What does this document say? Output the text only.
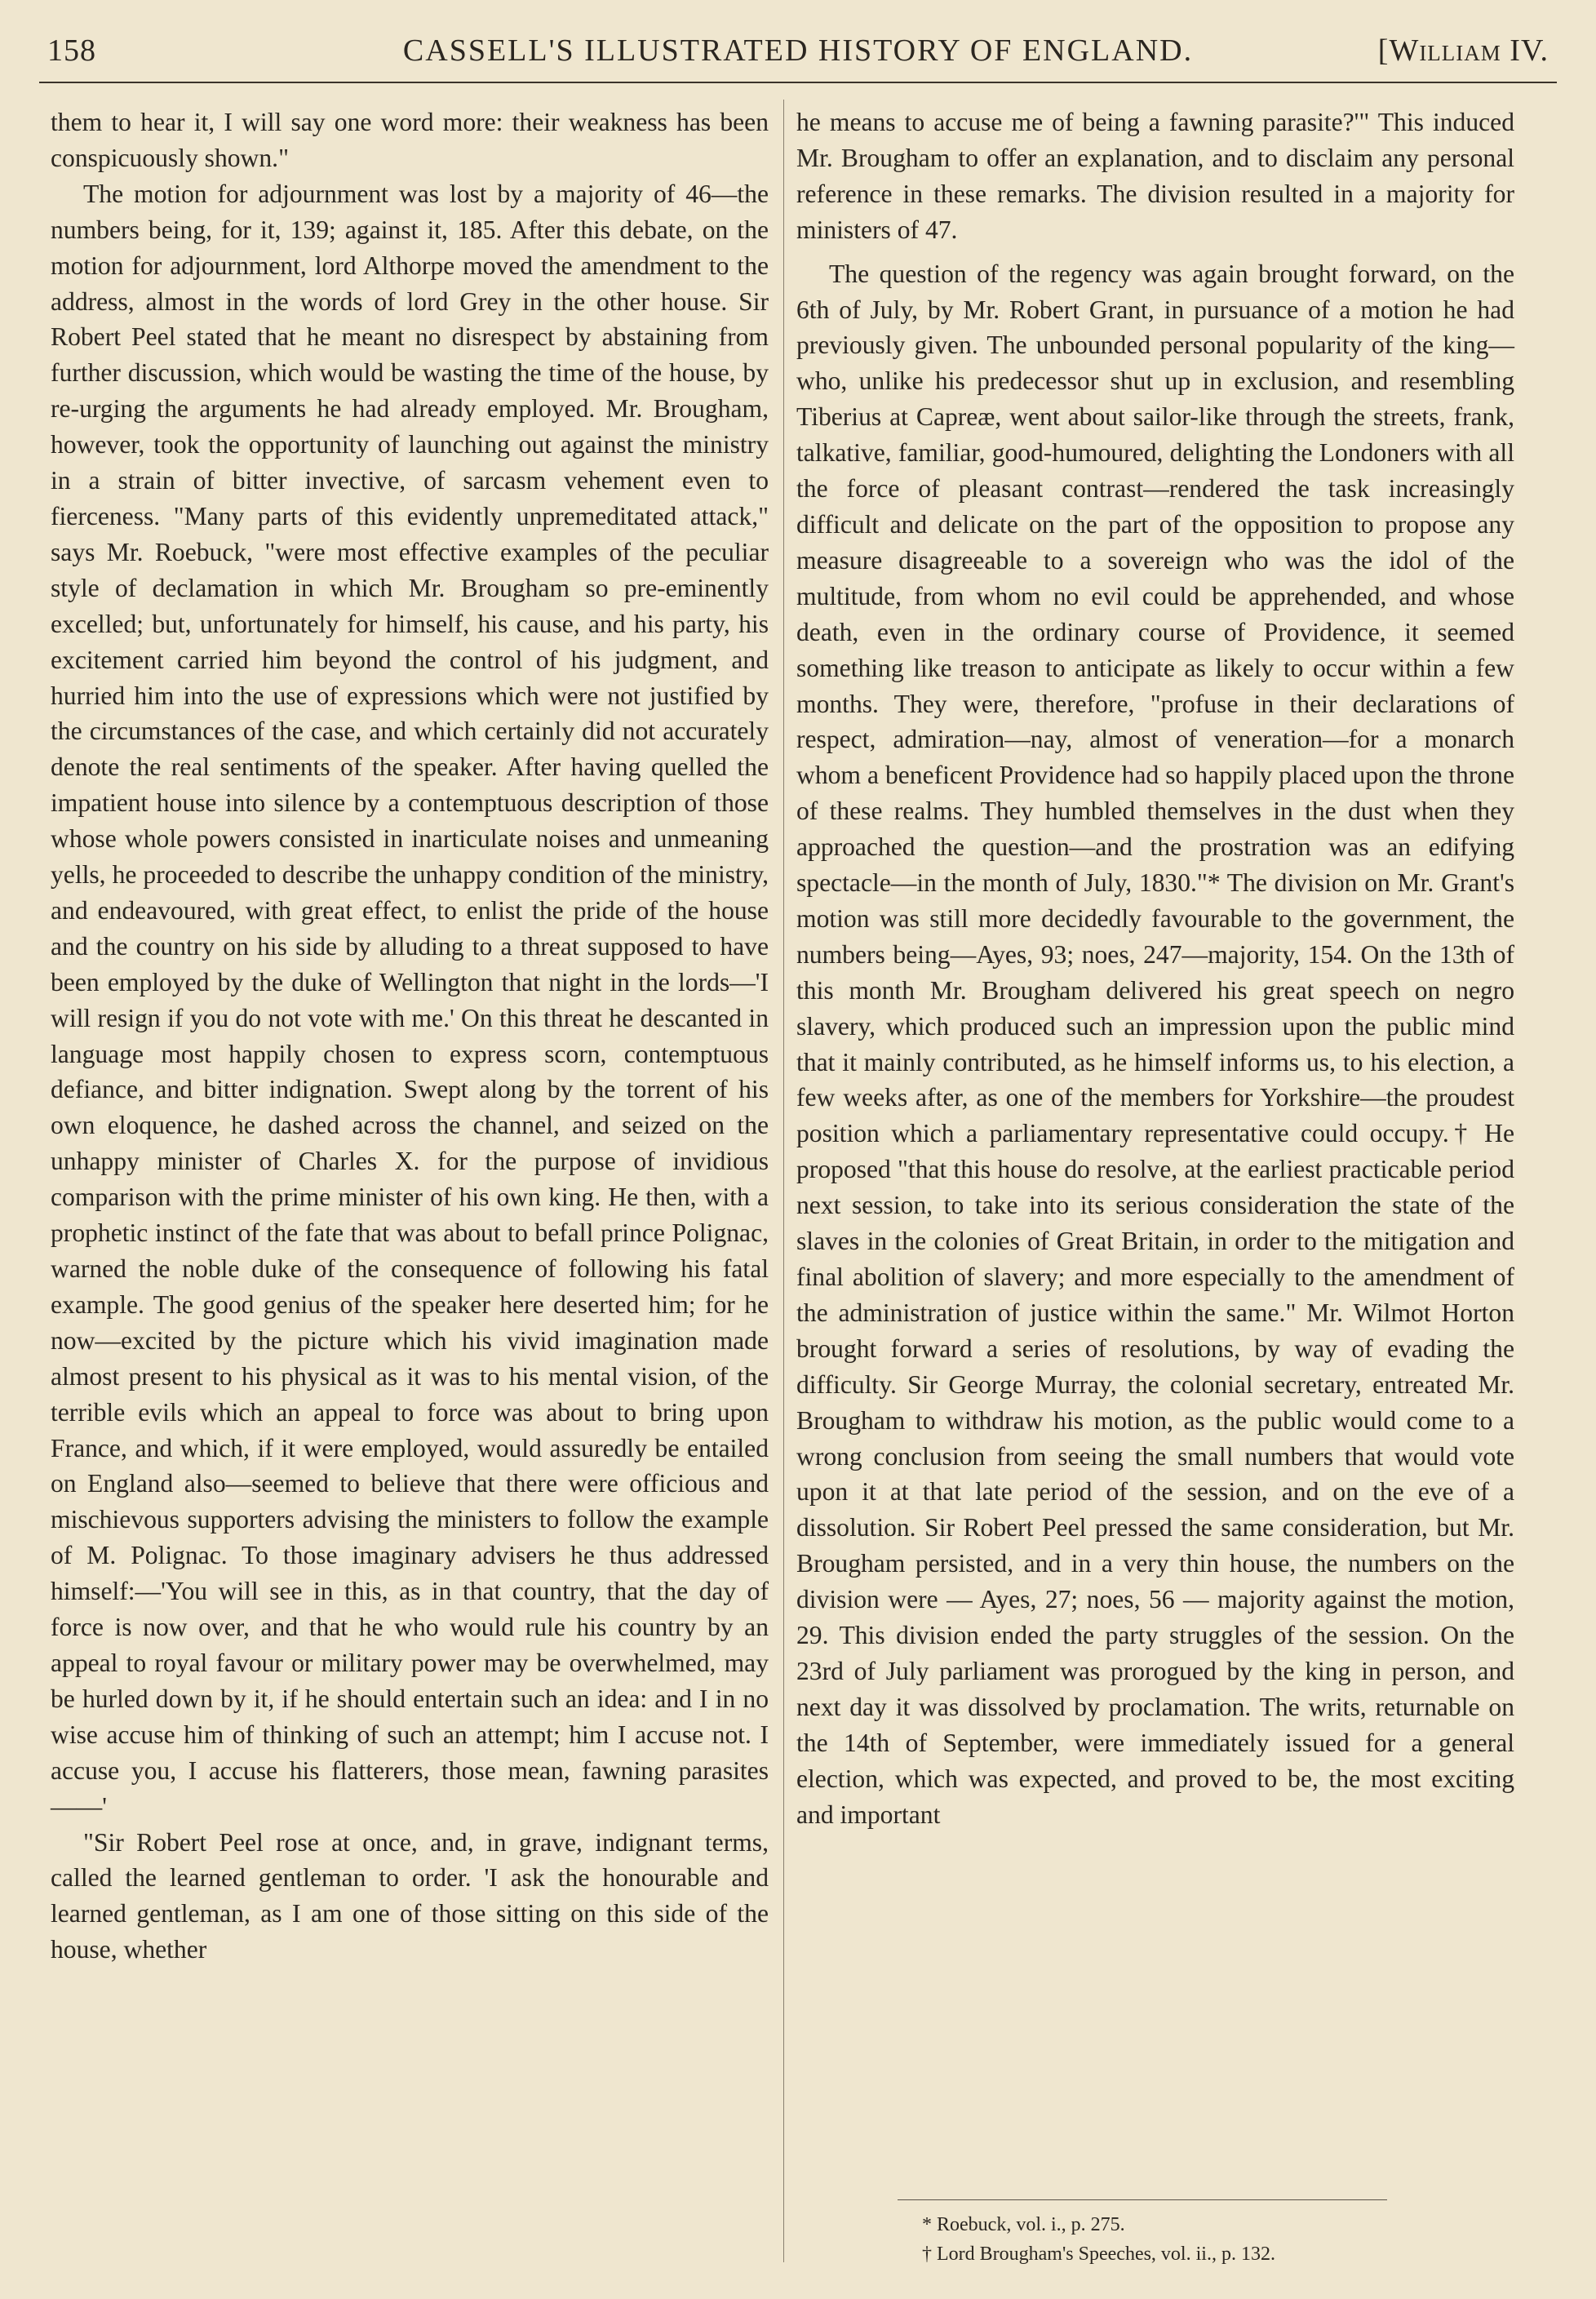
158	CASSELL'S ILLUSTRATED HISTORY OF ENGLAND.	[William IV.

them to hear it, I will say one word more: their weakness has been conspicuously shown."

The motion for adjournment was lost by a majority of 46—the numbers being, for it, 139; against it, 185. After this debate, on the motion for adjournment, lord Althorpe moved the amendment to the address, almost in the words of lord Grey in the other house. Sir Robert Peel stated that he meant no disrespect by abstaining from further discussion, which would be wasting the time of the house, by re-urging the arguments he had already employed. Mr. Brougham, however, took the opportunity of launching out against the ministry in a strain of bitter invective, of sarcasm vehement even to fierceness. "Many parts of this evidently unpremeditated attack," says Mr. Roebuck, "were most effective examples of the peculiar style of declamation in which Mr. Brougham so pre-eminently excelled; but, unfortunately for himself, his cause, and his party, his excitement carried him beyond the control of his judgment, and hurried him into the use of expressions which were not justified by the circumstances of the case, and which certainly did not accurately denote the real sentiments of the speaker. After having quelled the impatient house into silence by a contemptuous description of those whose whole powers consisted in inarticulate noises and unmeaning yells, he proceeded to describe the unhappy condition of the ministry, and endeavoured, with great effect, to enlist the pride of the house and the country on his side by alluding to a threat supposed to have been employed by the duke of Wellington that night in the lords—'I will resign if you do not vote with me.' On this threat he descanted in language most happily chosen to express scorn, contemptuous defiance, and bitter indignation. Swept along by the torrent of his own eloquence, he dashed across the channel, and seized on the unhappy minister of Charles X. for the purpose of invidious comparison with the prime minister of his own king. He then, with a prophetic instinct of the fate that was about to befall prince Polignac, warned the noble duke of the consequence of following his fatal example. The good genius of the speaker here deserted him; for he now—excited by the picture which his vivid imagination made almost present to his physical as it was to his mental vision, of the terrible evils which an appeal to force was about to bring upon France, and which, if it were employed, would assuredly be entailed on England also—seemed to believe that there were officious and mischievous supporters advising the ministers to follow the example of M. Polignac. To those imaginary advisers he thus addressed himself:—'You will see in this, as in that country, that the day of force is now over, and that he who would rule his country by an appeal to royal favour or military power may be overwhelmed, may be hurled down by it, if he should entertain such an idea: and I in no wise accuse him of thinking of such an attempt; him I accuse not. I accuse you, I accuse his flatterers, those mean, fawning parasites——'

"Sir Robert Peel rose at once, and, in grave, indignant terms, called the learned gentleman to order. 'I ask the honourable and learned gentleman, as I am one of those sitting on this side of the house, whether

he means to accuse me of being a fawning parasite?'" This induced Mr. Brougham to offer an explanation, and to disclaim any personal reference in these remarks. The division resulted in a majority for ministers of 47.

The question of the regency was again brought forward, on the 6th of July, by Mr. Robert Grant, in pursuance of a motion he had previously given. The unbounded personal popularity of the king—who, unlike his predecessor shut up in exclusion, and resembling Tiberius at Capreæ, went about sailor-like through the streets, frank, talkative, familiar, good-humoured, delighting the Londoners with all the force of pleasant contrast—rendered the task increasingly difficult and delicate on the part of the opposition to propose any measure disagreeable to a sovereign who was the idol of the multitude, from whom no evil could be apprehended, and whose death, even in the ordinary course of Providence, it seemed something like treason to anticipate as likely to occur within a few months. They were, therefore, "profuse in their declarations of respect, admiration—nay, almost of veneration—for a monarch whom a beneficent Providence had so happily placed upon the throne of these realms. They humbled themselves in the dust when they approached the question—and the prostration was an edifying spectacle—in the month of July, 1830."* The division on Mr. Grant's motion was still more decidedly favourable to the government, the numbers being—Ayes, 93; noes, 247—majority, 154. On the 13th of this month Mr. Brougham delivered his great speech on negro slavery, which produced such an impression upon the public mind that it mainly contributed, as he himself informs us, to his election, a few weeks after, as one of the members for Yorkshire—the proudest position which a parliamentary representative could occupy.† He proposed "that this house do resolve, at the earliest practicable period next session, to take into its serious consideration the state of the slaves in the colonies of Great Britain, in order to the mitigation and final abolition of slavery; and more especially to the amendment of the administration of justice within the same." Mr. Wilmot Horton brought forward a series of resolutions, by way of evading the difficulty. Sir George Murray, the colonial secretary, entreated Mr. Brougham to withdraw his motion, as the public would come to a wrong conclusion from seeing the small numbers that would vote upon it at that late period of the session, and on the eve of a dissolution. Sir Robert Peel pressed the same consideration, but Mr. Brougham persisted, and in a very thin house, the numbers on the division were — Ayes, 27; noes, 56 — majority against the motion, 29. This division ended the party struggles of the session. On the 23rd of July parliament was prorogued by the king in person, and next day it was dissolved by proclamation. The writs, returnable on the 14th of September, were immediately issued for a general election, which was expected, and proved to be, the most exciting and important

* Roebuck, vol. i., p. 275.
† Lord Brougham's Speeches, vol. ii., p. 132.
